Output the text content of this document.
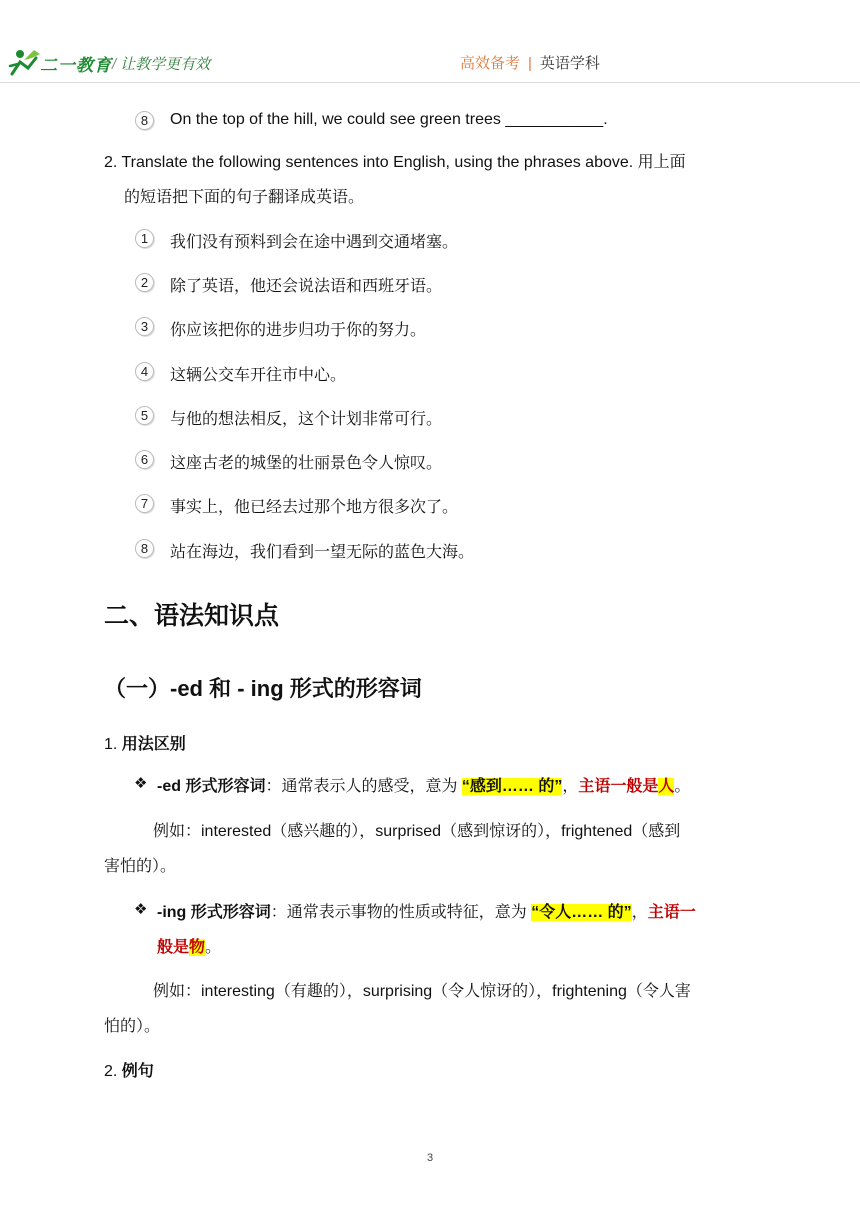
二一教育 / 让教学更有效	高效备考 | 英语学科
8	On the top of the hill, we could see green trees ___________.
2. Translate the following sentences into English, using the phrases above. 用上面
的短语把下面的句子翻译成英语。
1	我们没有预料到会在途中遇到交通堵塞。
2	除了英语，他还会说法语和西班牙语。
3	你应该把你的进步归功于你的努力。
4	这辆公交车开往市中心。
5	与他的想法相反，这个计划非常可行。
6	这座古老的城堡的壮丽景色令人惊叹。
7	事实上，他已经去过那个地方很多次了。
8	站在海边，我们看到一望无际的蓝色大海。
二、语法知识点
（一）-ed 和 - ing 形式的形容词
1. 用法区别
❖ -ed 形式形容词：通常表示人的感受，意为 “感到…… 的”，主语一般是人。
例如：interested（感兴趣的），surprised（感到惊讶的），frightened（感到
害怕的）。
❖ -ing 形式形容词：通常表示事物的性质或特征，意为 “令人…… 的”，主语一
般是物。
例如：interesting（有趣的），surprising（令人惊讶的），frightening（令人害
怕的）。
2. 例句
3
